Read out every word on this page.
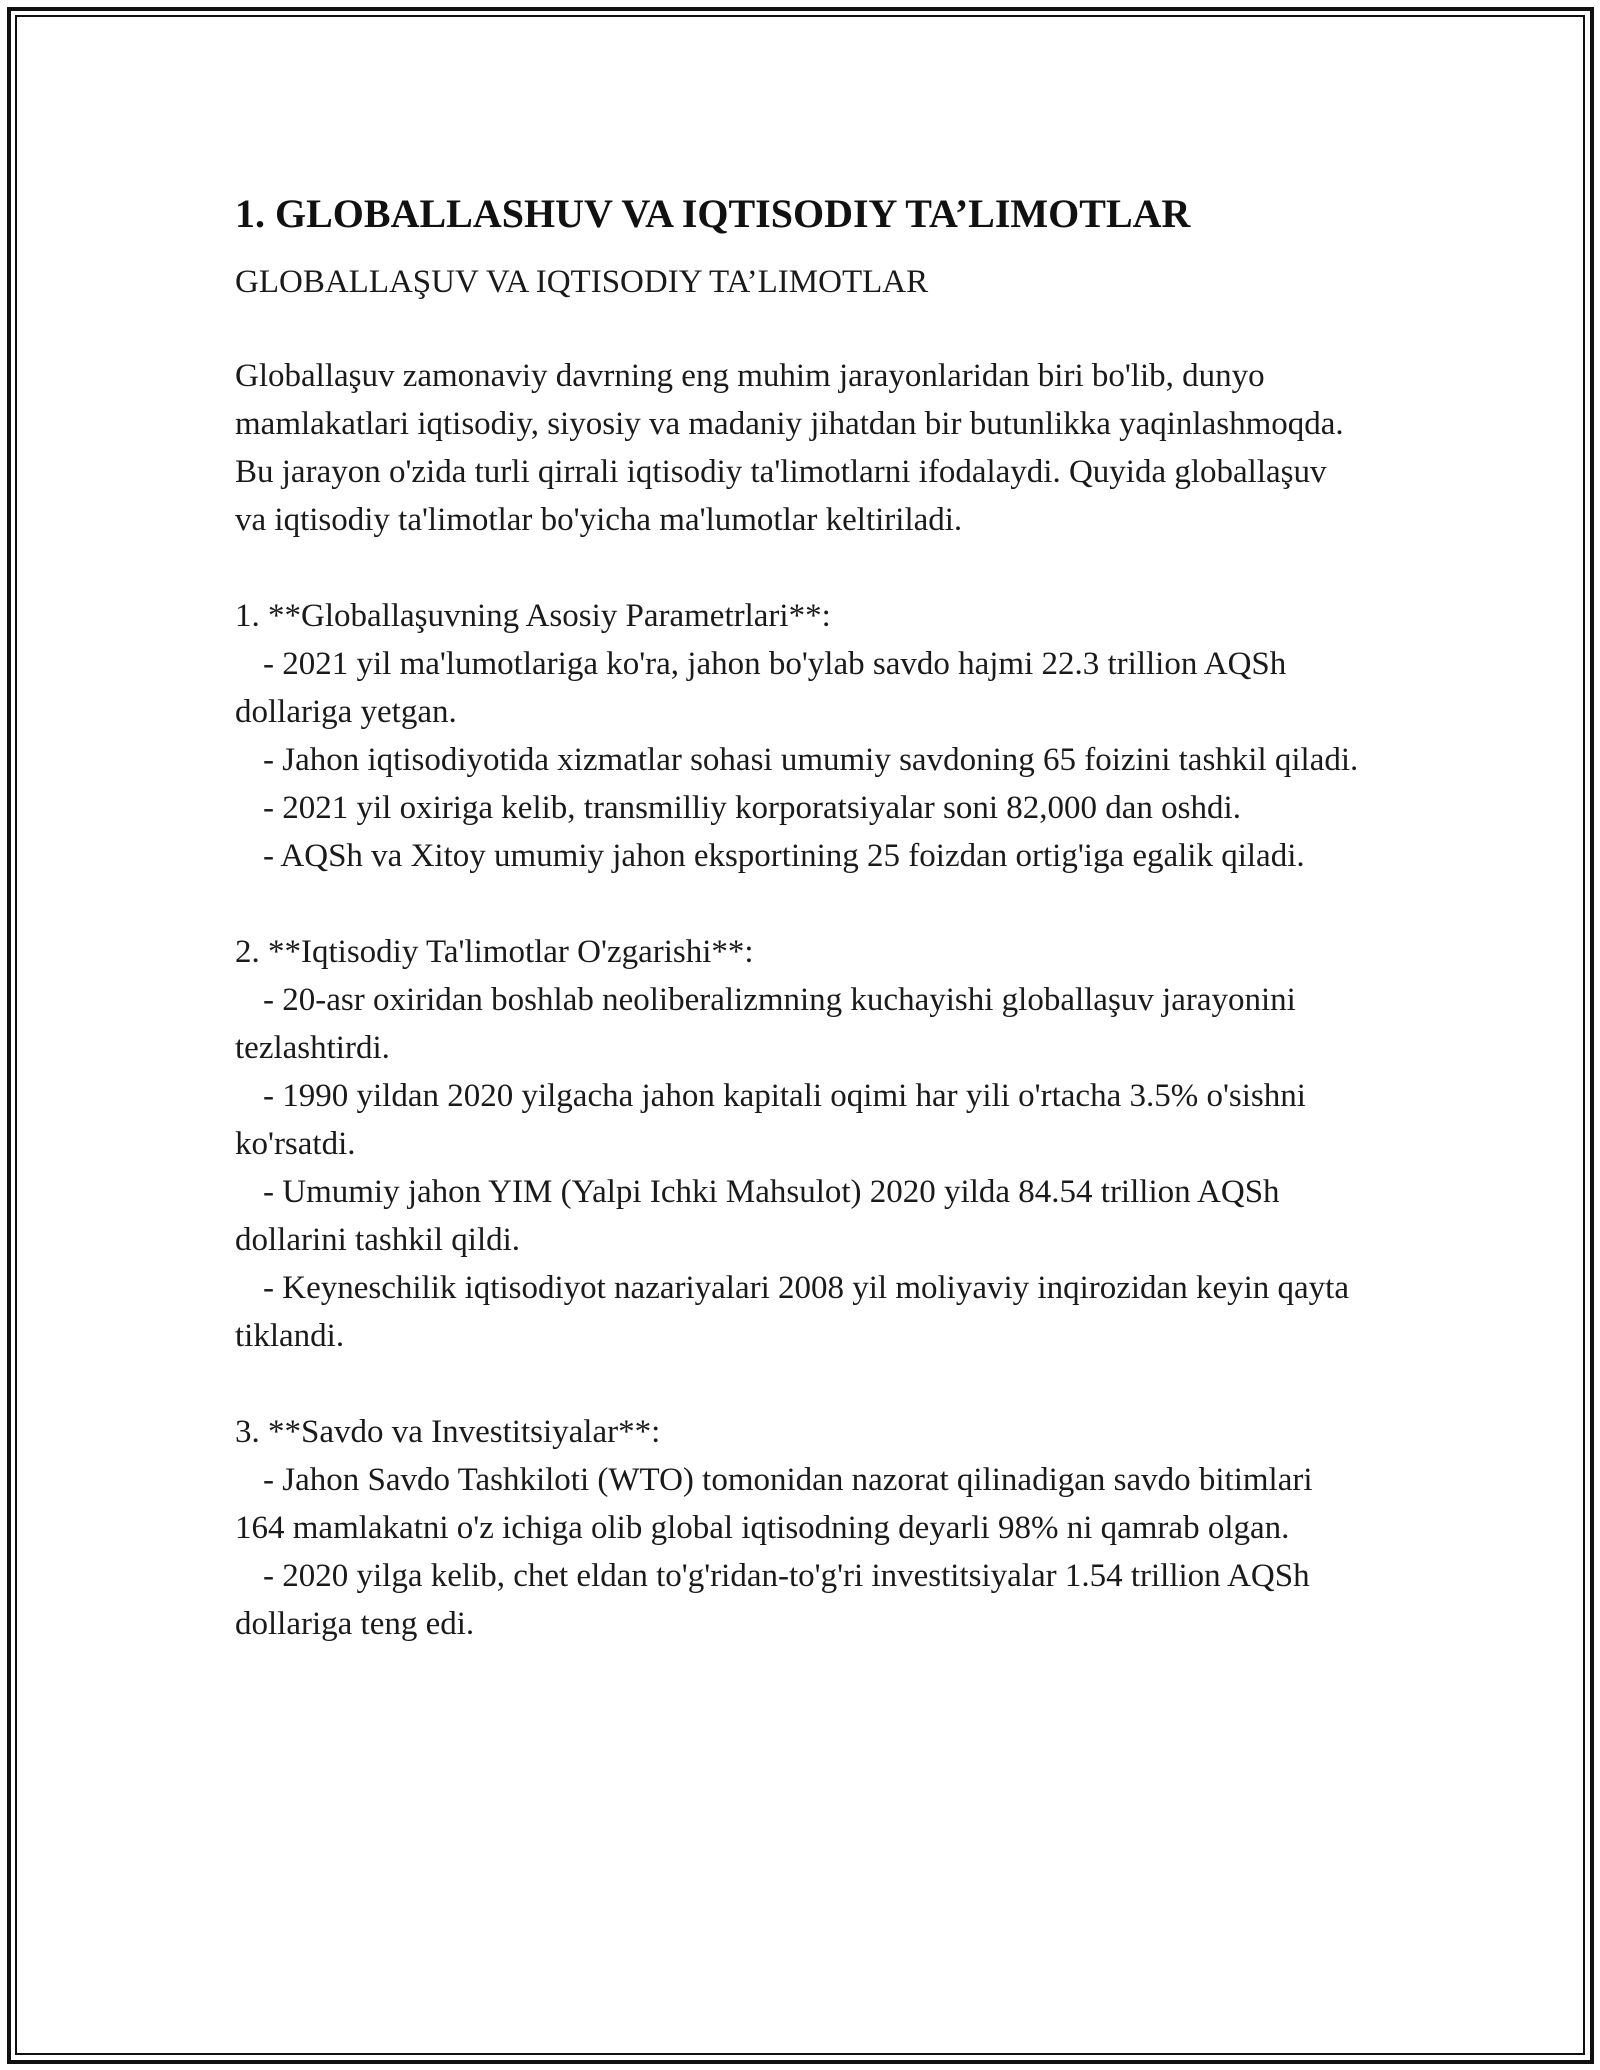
1. GLOBALLASHUV VA IQTISODIY TA’LIMOTLAR
GLOBALLAŞUV VA IQTISODIY TA’LIMOTLAR

Globallaşuv zamonaviy davrning eng muhim jarayonlaridan biri bo'lib, dunyo mamlakatlari iqtisodiy, siyosiy va madaniy jihatdan bir butunlikka yaqinlashmoqda. Bu jarayon o'zida turli qirrali iqtisodiy ta'limotlarni ifodalaydi. Quyida globallaşuv va iqtisodiy ta'limotlar bo'yicha ma'lumotlar keltiriladi.

1. **Globallaşuvning Asosiy Parametrlari**:

- 2021 yil ma'lumotlariga ko'ra, jahon bo'ylab savdo hajmi 22.3 trillion AQSh dollariga yetgan.

- Jahon iqtisodiyotida xizmatlar sohasi umumiy savdoning 65 foizini tashkil qiladi.

- 2021 yil oxiriga kelib, transmilliy korporatsiyalar soni 82,000 dan oshdi.

- AQSh va Xitoy umumiy jahon eksportining 25 foizdan ortig'iga egalik qiladi.

2. **Iqtisodiy Ta'limotlar O'zgarishi**:

- 20-asr oxiridan boshlab neoliberalizmning kuchayishi globallaşuv jarayonini tezlashtirdi.

- 1990 yildan 2020 yilgacha jahon kapitali oqimi har yili o'rtacha 3.5% o'sishni ko'rsatdi.

- Umumiy jahon YIM (Yalpi Ichki Mahsulot) 2020 yilda 84.54 trillion AQSh dollarini tashkil qildi.

- Keyneschilik iqtisodiyot nazariyalari 2008 yil moliyaviy inqirozidan keyin qayta tiklandi.

3. **Savdo va Investitsiyalar**:

- Jahon Savdo Tashkiloti (WTO) tomonidan nazorat qilinadigan savdo bitimlari 164 mamlakatni o'z ichiga olib global iqtisodning deyarli 98% ni qamrab olgan.

- 2020 yilga kelib, chet eldan to'g'ridan-to'g'ri investitsiyalar 1.54 trillion AQSh dollariga teng edi.
